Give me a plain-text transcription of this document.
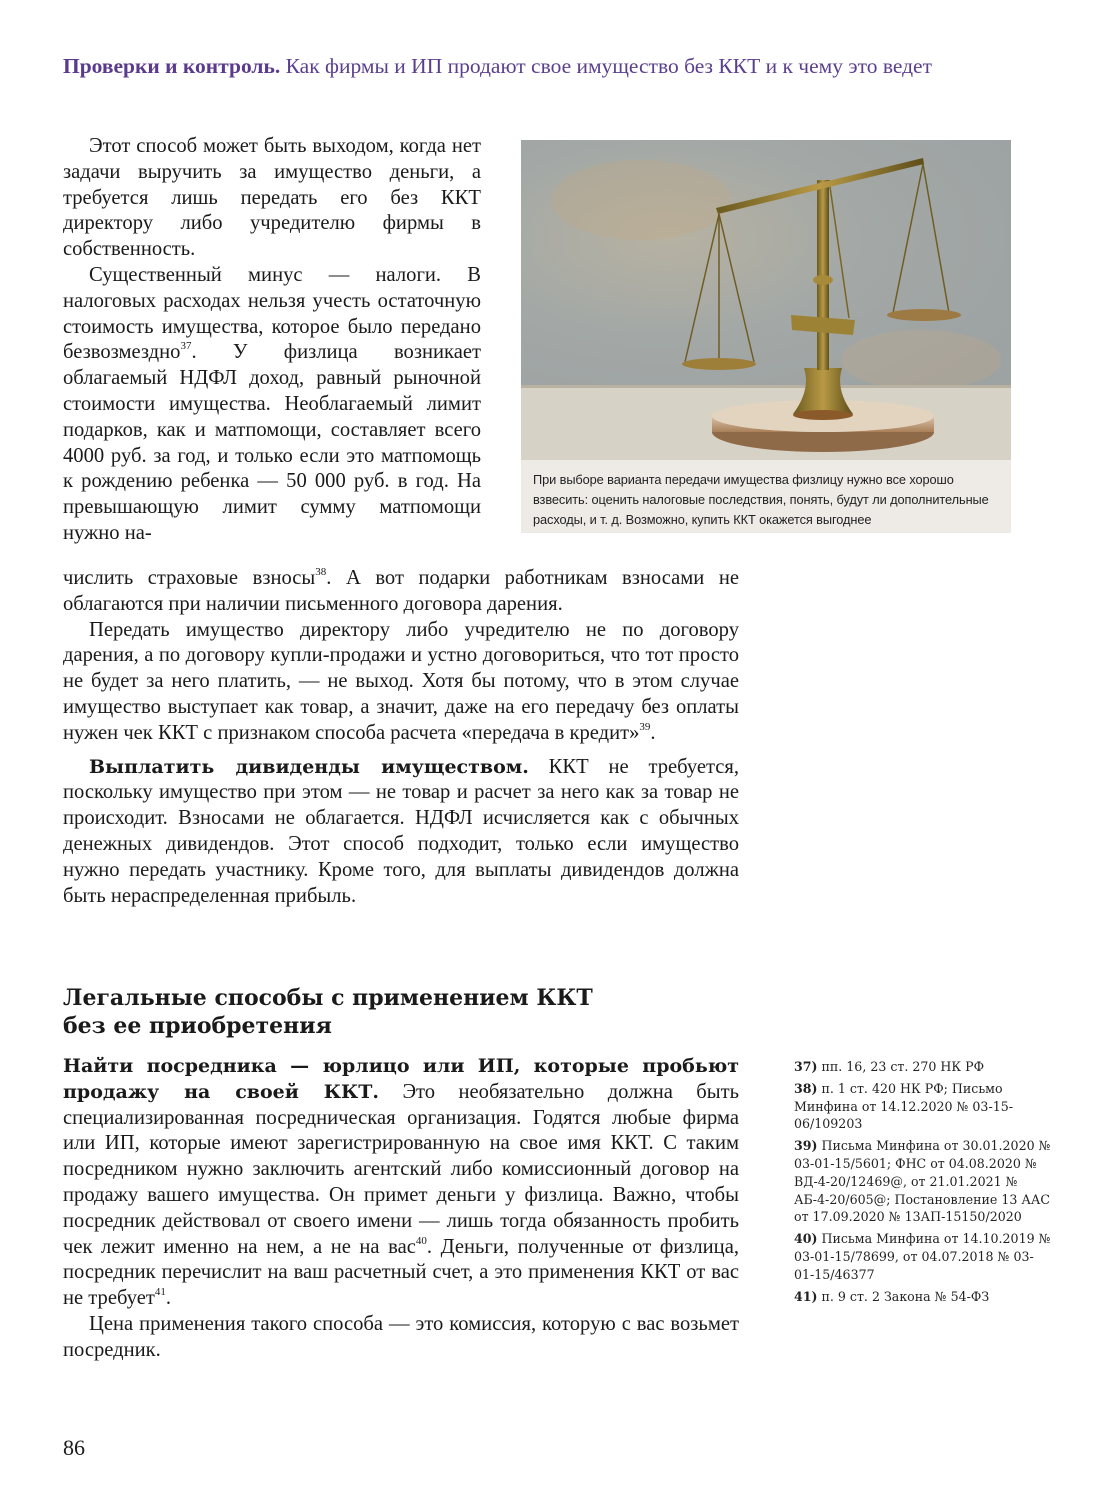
Проверки и контроль. Как фирмы и ИП продают свое имущество без ККТ и к чему это ведет

Этот способ может быть выходом, когда нет задачи выручить за имущество деньги, а требуется лишь передать его без ККТ директору либо учредителю фирмы в собственность.

Существенный минус — налоги. В налоговых расходах нельзя учесть остаточную стоимость имущества, которое было передано безвозмездно$^{37}$. У физлица возникает облагаемый НДФЛ доход, равный рыночной стоимости имущества. Необлагаемый лимит подарков, как и матпомощи, составляет всего 4000 руб. за год, и только если это матпомощь к рождению ребенка — 50 000 руб. в год. На превышающую лимит сумму матпомощи нужно на-

При выборе варианта передачи имущества физлицу нужно все хорошо взвесить: оценить налоговые последствия, понять, будут ли дополнительные расходы, и т. д. Возможно, купить ККТ окажется выгоднее

числить страховые взносы$^{38}$. А вот подарки работникам взносами не облагаются при наличии письменного договора дарения.

Передать имущество директору либо учредителю не по договору дарения, а по договору купли-продажи и устно договориться, что тот просто не будет за него платить, — не выход. Хотя бы потому, что в этом случае имущество выступает как товар, а значит, даже на его передачу без оплаты нужен чек ККТ с признаком способа расчета «передача в кредит»$^{39}$.

Выплатить дивиденды имуществом. ККТ не требуется, поскольку имущество при этом — не товар и расчет за него как за товар не происходит. Взносами не облагается. НДФЛ исчисляется как с обычных денежных дивидендов. Этот способ подходит, только если имущество нужно передать участнику. Кроме того, для выплаты дивидендов должна быть нераспределенная прибыль.

Легальные способы с применением ККТ
без ее приобретения

Найти посредника — юрлицо или ИП, которые пробьют продажу на своей ККТ. Это необязательно должна быть специализированная посредническая организация. Годятся любые фирма или ИП, которые имеют зарегистрированную на свое имя ККТ. С таким посредником нужно заключить агентский либо комиссионный договор на продажу вашего имущества. Он примет деньги у физлица. Важно, чтобы посредник действовал от своего имени — лишь тогда обязанность пробить чек лежит именно на нем, а не на вас$^{40}$. Деньги, полученные от физлица, посредник перечислит на ваш расчетный счет, а это применения ККТ от вас не требует$^{41}$.

Цена применения такого способа — это комиссия, которую с вас возьмет посредник.

37) пп. 16, 23 ст. 270 НК РФ
38) п. 1 ст. 420 НК РФ; Письмо Минфина от 14.12.2020 № 03-15-06/109203
39) Письма Минфина от 30.01.2020 № 03-01-15/5601; ФНС от 04.08.2020 № ВД-4-20/12469@, от 21.01.2021 № АБ-4-20/605@; Постановление 13 ААС от 17.09.2020 № 13АП-15150/2020
40) Письма Минфина от 14.10.2019 № 03-01-15/78699, от 04.07.2018 № 03-01-15/46377
41) п. 9 ст. 2 Закона № 54-ФЗ
86
